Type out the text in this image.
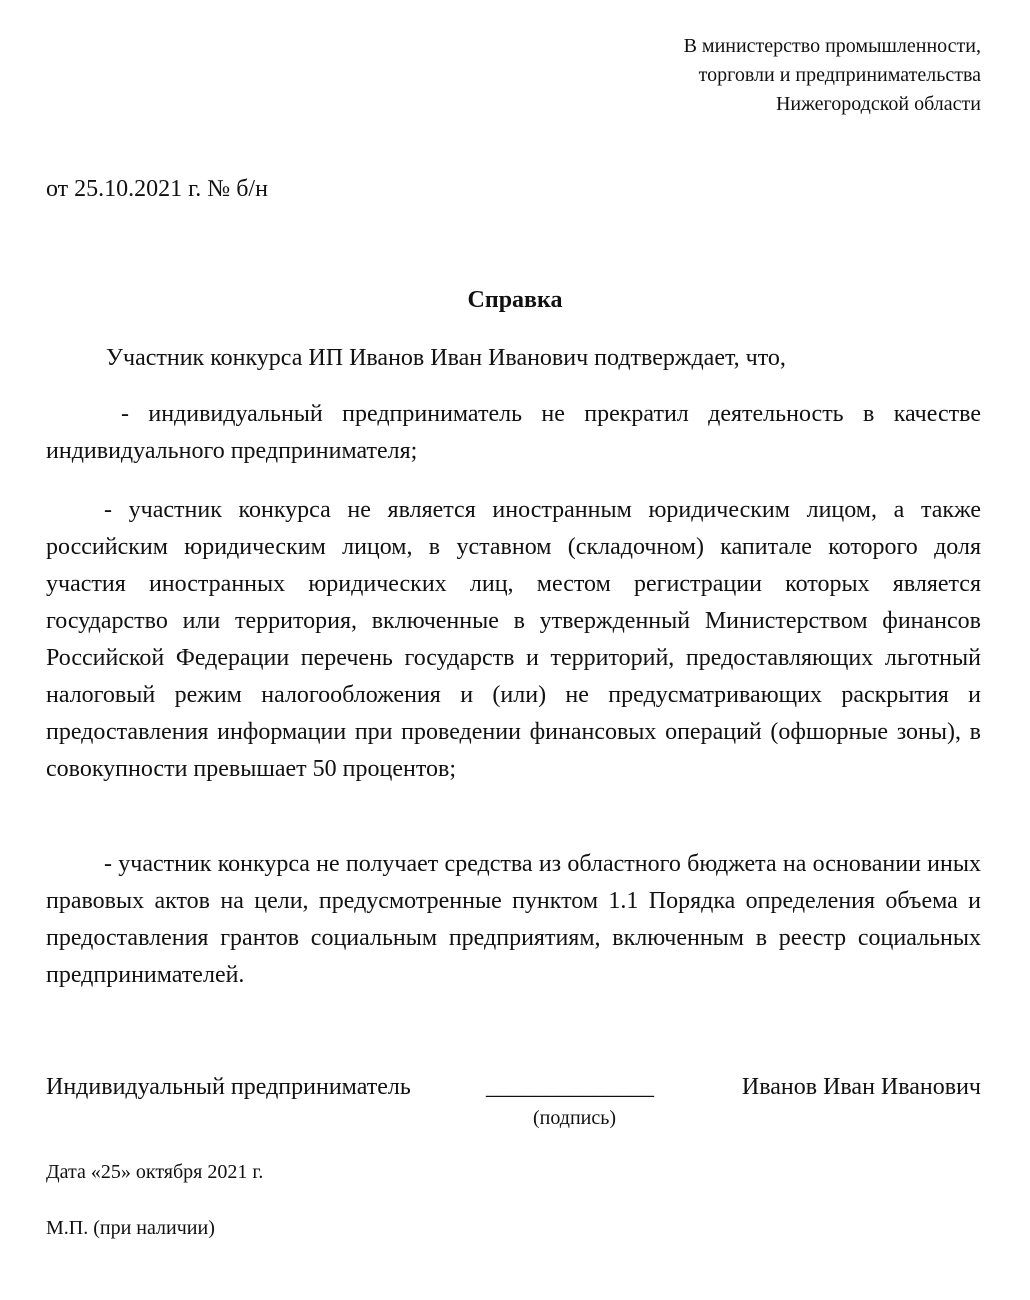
В министерство промышленности,
торговли и предпринимательства
Нижегородской области
от 25.10.2021 г. № б/н
Справка
Участник конкурса ИП Иванов Иван Иванович подтверждает, что,

- индивидуальный предприниматель не прекратил деятельность в качестве индивидуального предпринимателя;

- участник конкурса не является иностранным юридическим лицом, а также российским юридическим лицом, в уставном (складочном) капитале которого доля участия иностранных юридических лиц, местом регистрации которых является государство или территория, включенные в утвержденный Министерством финансов Российской Федерации перечень государств и территорий, предоставляющих льготный налоговый режим налогообложения и (или) не предусматривающих раскрытия и предоставления информации при проведении финансовых операций (офшорные зоны), в совокупности превышает 50 процентов;

- участник конкурса не получает средства из областного бюджета на основании иных правовых актов на цели, предусмотренные пунктом 1.1 Порядка определения объема и предоставления грантов социальным предприятиям, включенным в реестр социальных предпринимателей.

Индивидуальный предприниматель	______________	Иванов Иван Иванович
(подпись)
Дата «25» октября 2021 г.
М.П. (при наличии)
